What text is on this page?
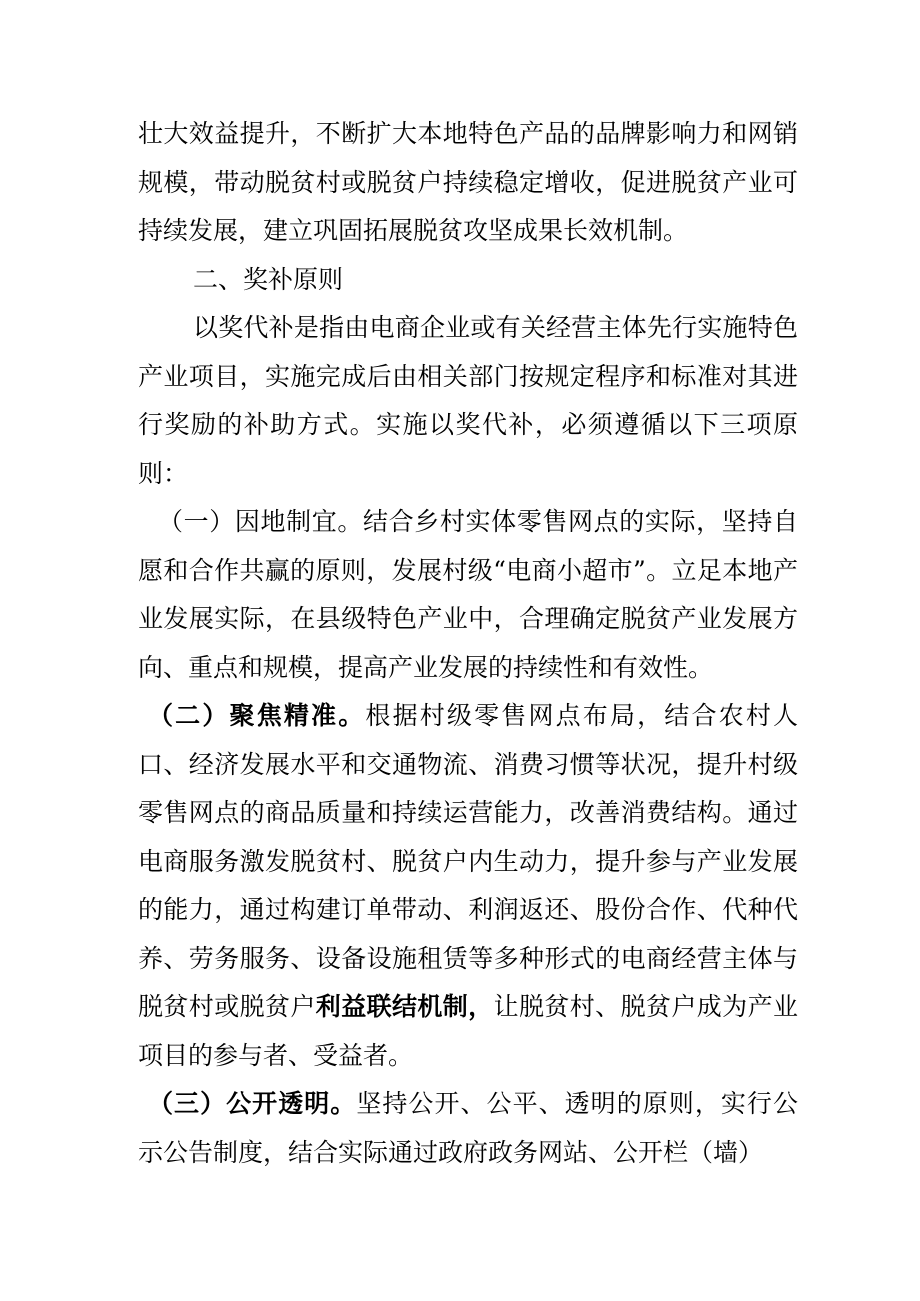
壮大效益提升，不断扩大本地特色产品的品牌影响力和网销规模，带动脱贫村或脱贫户持续稳定增收，促进脱贫产业可持续发展，建立巩固拓展脱贫攻坚成果长效机制。

二、奖补原则

以奖代补是指由电商企业或有关经营主体先行实施特色产业项目，实施完成后由相关部门按规定程序和标准对其进行奖励的补助方式。实施以奖代补，必须遵循以下三项原则：

（一）因地制宜。结合乡村实体零售网点的实际，坚持自愿和合作共赢的原则，发展村级“电商小超市”。立足本地产业发展实际，在县级特色产业中，合理确定脱贫产业发展方向、重点和规模，提高产业发展的持续性和有效性。

（二）聚焦精准。根据村级零售网点布局，结合农村人口、经济发展水平和交通物流、消费习惯等状况，提升村级零售网点的商品质量和持续运营能力，改善消费结构。通过电商服务激发脱贫村、脱贫户内生动力，提升参与产业发展的能力，通过构建订单带动、利润返还、股份合作、代种代养、劳务服务、设备设施租赁等多种形式的电商经营主体与脱贫村或脱贫户利益联结机制，让脱贫村、脱贫户成为产业项目的参与者、受益者。

（三）公开透明。坚持公开、公平、透明的原则，实行公示公告制度，结合实际通过政府政务网站、公开栏（墙）
